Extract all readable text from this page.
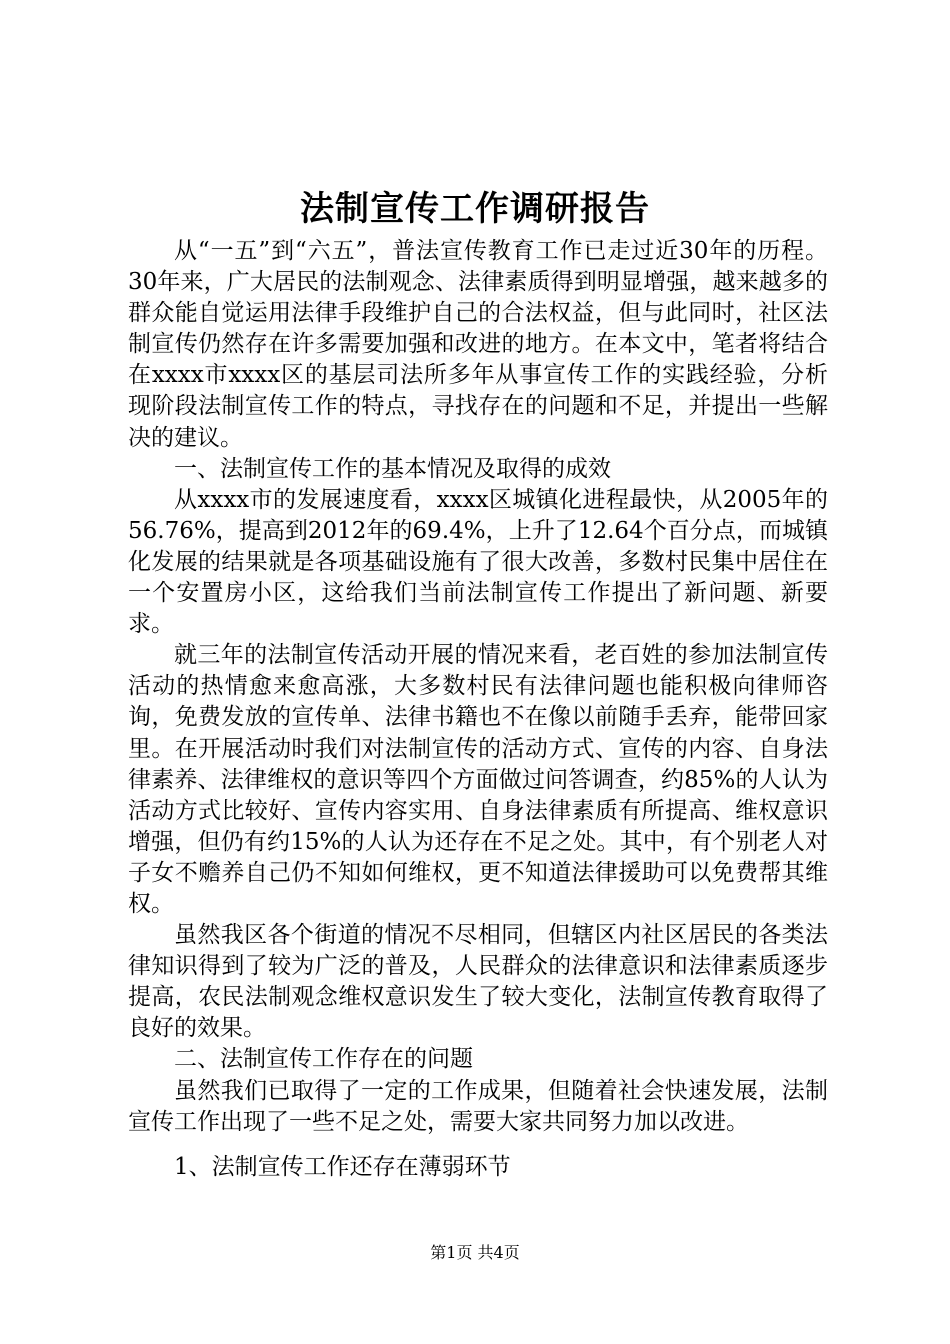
法制宣传工作调研报告

从“一五”到“六五”，普法宣传教育工作已走过近30年的历程。30年来，广大居民的法制观念、法律素质得到明显增强，越来越多的群众能自觉运用法律手段维护自己的合法权益，但与此同时，社区法制宣传仍然存在许多需要加强和改进的地方。在本文中，笔者将结合在xxxx市xxxx区的基层司法所多年从事宣传工作的实践经验，分析现阶段法制宣传工作的特点，寻找存在的问题和不足，并提出一些解决的建议。

一、法制宣传工作的基本情况及取得的成效

从xxxx市的发展速度看，xxxx区城镇化进程最快，从2005年的56.76%，提高到2012年的69.4%，上升了12.64个百分点，而城镇化发展的结果就是各项基础设施有了很大改善，多数村民集中居住在一个安置房小区，这给我们当前法制宣传工作提出了新问题、新要求。

就三年的法制宣传活动开展的情况来看，老百姓的参加法制宣传活动的热情愈来愈高涨，大多数村民有法律问题也能积极向律师咨询，免费发放的宣传单、法律书籍也不在像以前随手丢弃，能带回家里。在开展活动时我们对法制宣传的活动方式、宣传的内容、自身法律素养、法律维权的意识等四个方面做过问答调查，约85%的人认为活动方式比较好、宣传内容实用、自身法律素质有所提高、维权意识增强，但仍有约15%的人认为还存在不足之处。其中，有个别老人对子女不赡养自己仍不知如何维权，更不知道法律援助可以免费帮其维权。

虽然我区各个街道的情况不尽相同，但辖区内社区居民的各类法律知识得到了较为广泛的普及，人民群众的法律意识和法律素质逐步提高，农民法制观念维权意识发生了较大变化，法制宣传教育取得了良好的效果。

二、法制宣传工作存在的问题

虽然我们已取得了一定的工作成果，但随着社会快速发展，法制宣传工作出现了一些不足之处，需要大家共同努力加以改进。

1、法制宣传工作还存在薄弱环节

第1页 共4页
